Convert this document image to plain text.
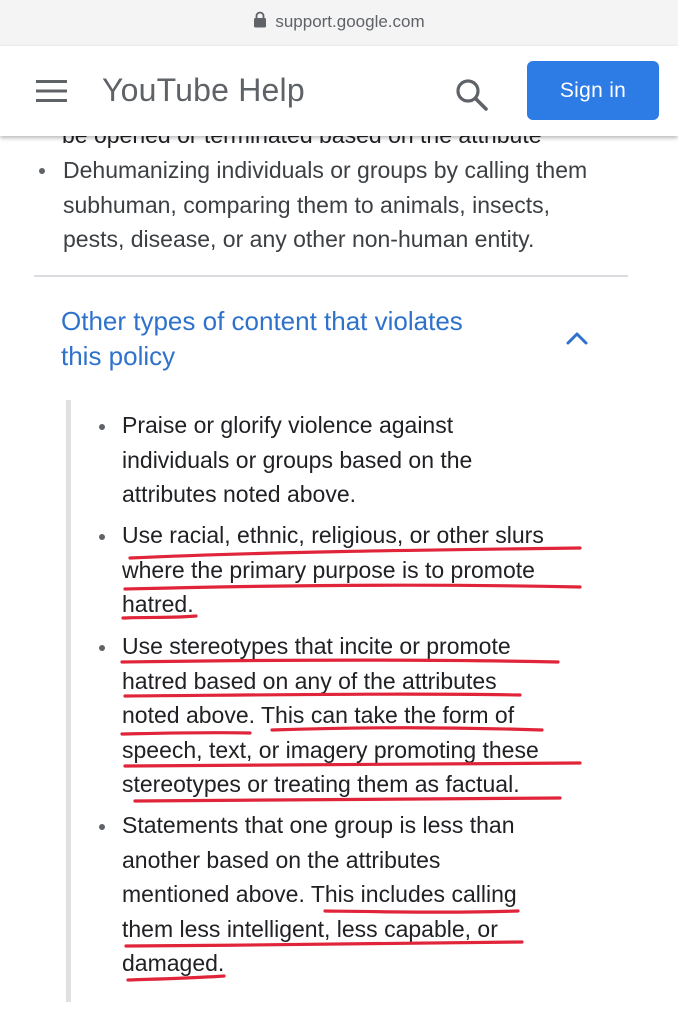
support.google.com
Dehumanizing individuals or groups by calling them
subhuman, comparing them to animals, insects,
pests, disease, or any other non-human entity.
Other types of content that violates
this policy
Praise or glorify violence against
individuals or groups based on the
attributes noted above.
Use racial, ethnic, religious, or other slurs
where the primary purpose is to promote
hatred.
Use stereotypes that incite or promote
hatred based on any of the attributes
noted above. This can take the form of
speech, text, or imagery promoting these
stereotypes or treating them as factual.
Statements that one group is less than
another based on the attributes
mentioned above. This includes calling
them less intelligent, less capable, or
damaged.
YouTube Help	Sign in
